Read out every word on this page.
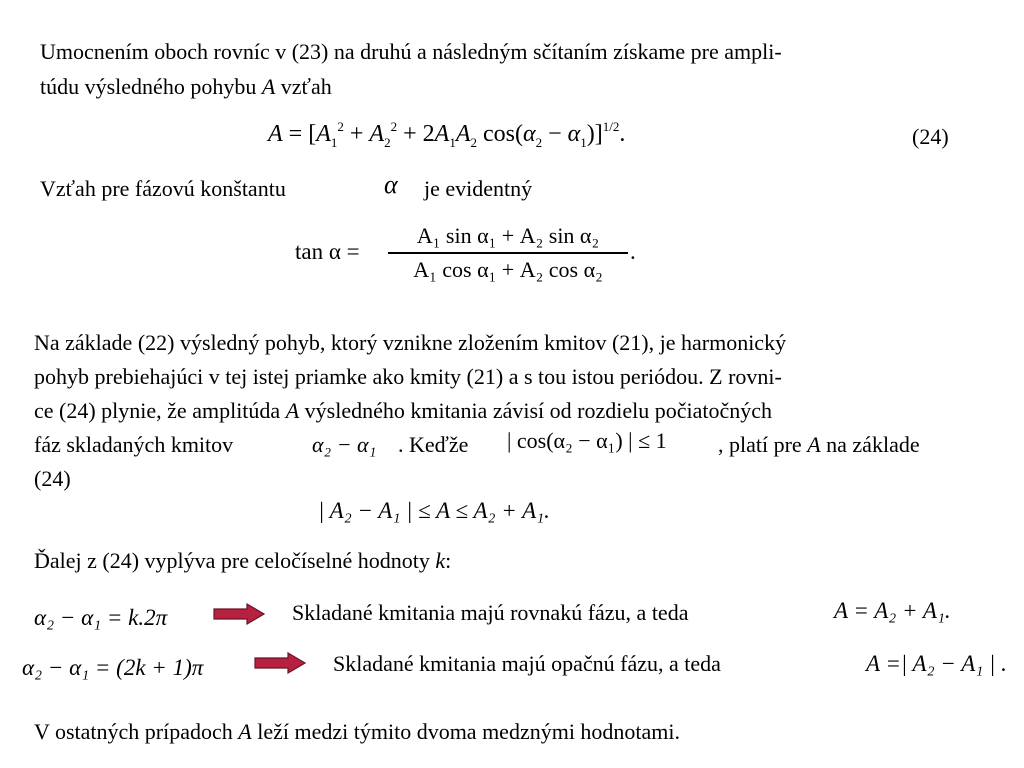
Umocnením oboch rovníc v (23) na druhú a následným sčítaním získame pre ampli-
túdu výsledného pohybu A vzťah
$A = [A_1^2 + A_2^2 + 2A_1A_2$ $\cos(\alpha_2 - \alpha_1)]^{1/2}$.	(24)
Vzťah pre fázovú konštantu	α je evidentný
tan α =
A₁ sin α₁ + A₂ sin α₂
A₁ cos α₁ + A₂ cos α₂
.
Na základe (22) výsledný pohyb, ktorý vznikne zložením kmitov (21), je harmonický
pohyb prebiehajúci v tej istej priamke ako kmity (21) a s tou istou periódou. Z rovni-
ce (24) plynie, že amplitúda A výsledného kmitania závisí od rozdielu počiatočných
fáz skladaných kmitov	α₂ − α₁ . Keďže | cos(α₂ − α₁) | ≤ 1 , platí pre A na základe
(24)
| A₂ − A₁ | ≤ A ≤ A₂ + A₁.
Ďalej z (24) vyplýva pre celočíselné hodnoty k:
α₂ − α₁ = k.2π	Skladané kmitania majú rovnakú fázu, a teda	A = A₂ + A₁.
α₂ − α₁ = (2k + 1)π	Skladané kmitania majú opačnú fázu, a teda	A =| A₂ − A₁ | .
V ostatných prípadoch A leží medzi týmito dvoma medznými hodnotami.
